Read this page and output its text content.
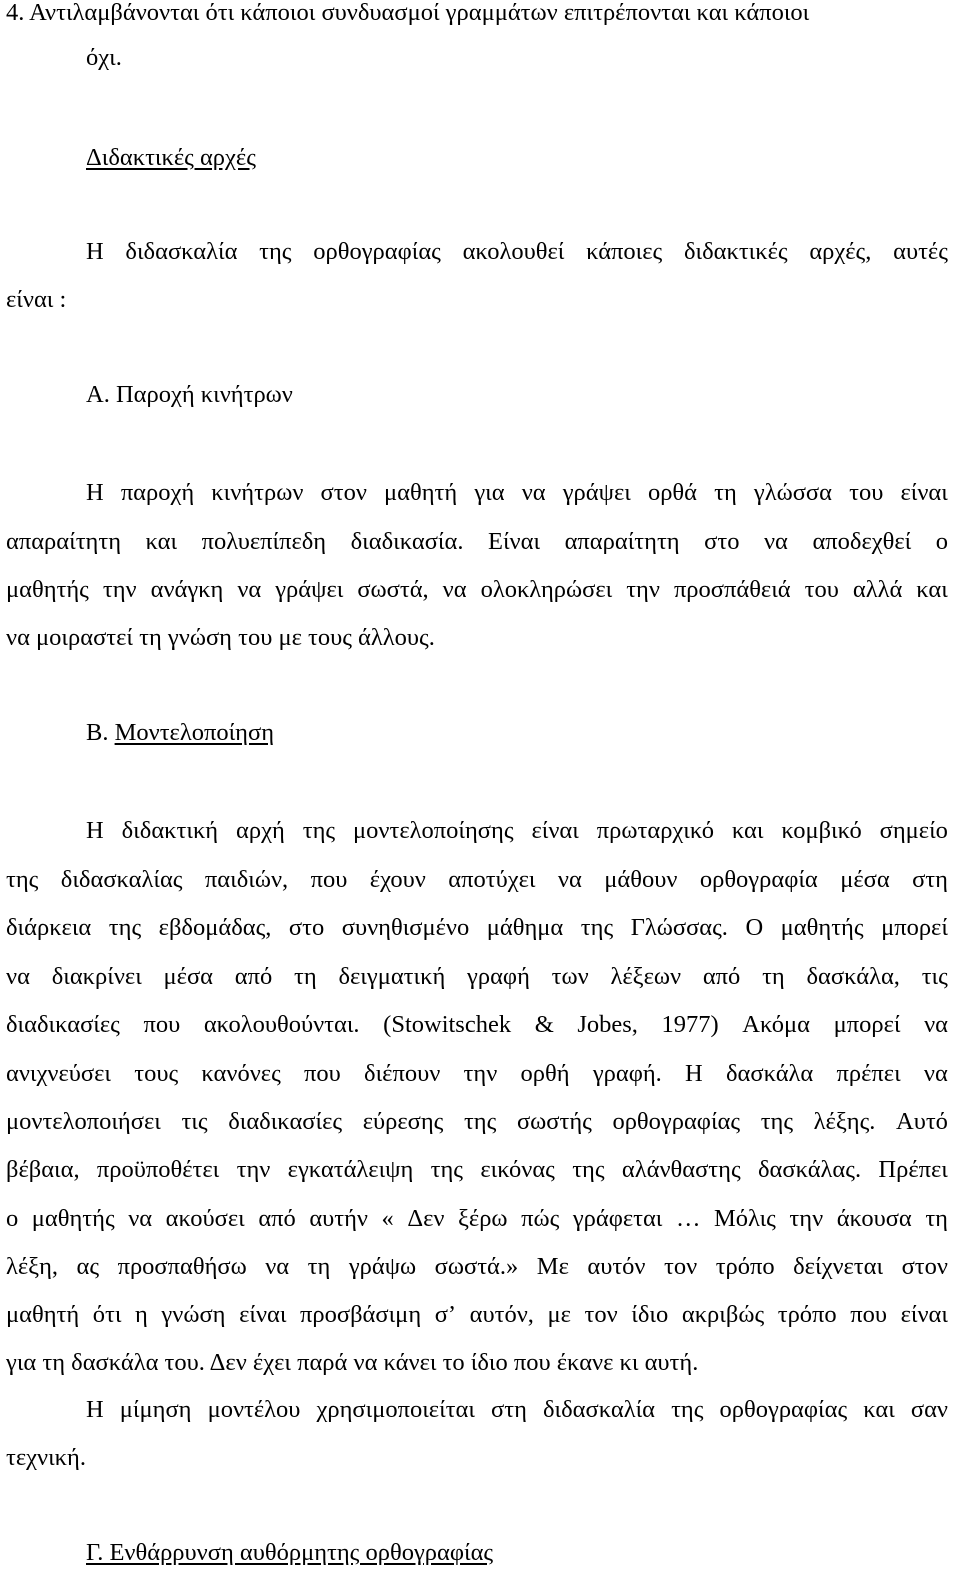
4. Αντιλαμβάνονται ότι κάποιοι συνδυασμοί γραμμάτων επιτρέπονται και κάποιοι
όχι.
Διδακτικές αρχές
Η διδασκαλία της ορθογραφίας ακολουθεί κάποιες διδακτικές αρχές, αυτές
είναι :
Α. Παροχή κινήτρων
Η παροχή κινήτρων στον μαθητή για να γράψει ορθά τη γλώσσα του είναι
απαραίτητη και πολυεπίπεδη διαδικασία. Είναι απαραίτητη στο να αποδεχθεί ο
μαθητής την ανάγκη να γράψει σωστά, να ολοκληρώσει την προσπάθειά του αλλά και
να μοιραστεί τη γνώση του με τους άλλους.
Β. Μοντελοποίηση
Η διδακτική αρχή της μοντελοποίησης είναι πρωταρχικό και κομβικό σημείο
της διδασκαλίας παιδιών, που έχουν αποτύχει να μάθουν ορθογραφία μέσα στη
διάρκεια της εβδομάδας, στο συνηθισμένο μάθημα της Γλώσσας. Ο μαθητής μπορεί
να διακρίνει μέσα από τη δειγματική γραφή των λέξεων από τη δασκάλα, τις
διαδικασίες που ακολουθούνται. (Stowitschek & Jobes, 1977) Ακόμα μπορεί να
ανιχνεύσει τους κανόνες που διέπουν την ορθή γραφή. Η δασκάλα πρέπει να
μοντελοποιήσει τις διαδικασίες εύρεσης της σωστής ορθογραφίας της λέξης. Αυτό
βέβαια, προϋποθέτει την εγκατάλειψη της εικόνας της αλάνθαστης δασκάλας. Πρέπει
ο μαθητής να ακούσει από αυτήν « Δεν ξέρω πώς γράφεται … Μόλις την άκουσα τη
λέξη, ας προσπαθήσω να τη γράψω σωστά.» Με αυτόν τον τρόπο δείχνεται στον
μαθητή ότι η γνώση είναι προσβάσιμη σ’ αυτόν, με τον ίδιο ακριβώς τρόπο που είναι
για τη δασκάλα του. Δεν έχει παρά να κάνει το ίδιο που έκανε κι αυτή.
Η μίμηση μοντέλου χρησιμοποιείται στη διδασκαλία της ορθογραφίας και σαν
τεχνική.
Γ. Ενθάρρυνση αυθόρμητης ορθογραφίας
